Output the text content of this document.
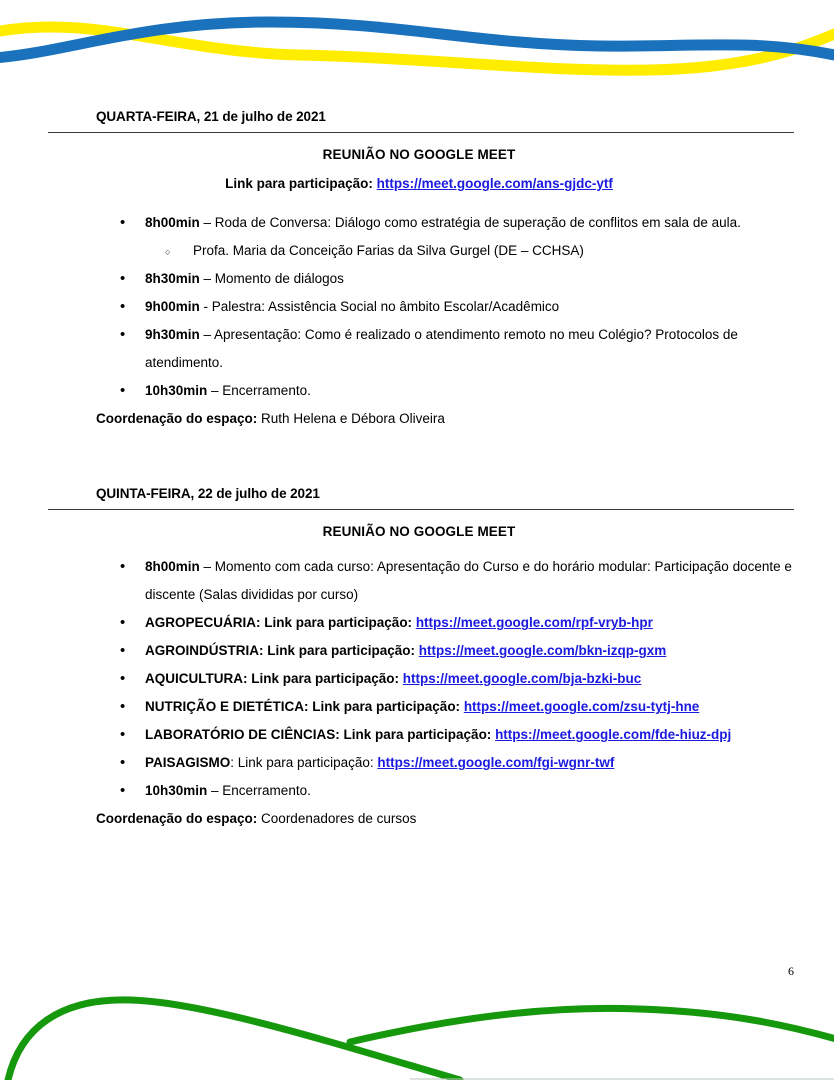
QUARTA-FEIRA, 21 de julho de 2021
REUNIÃO NO GOOGLE MEET
Link para participação: https://meet.google.com/ans-gjdc-ytf
• 8h00min – Roda de Conversa: Diálogo como estratégia de superação de conflitos em sala de aula.
○ Profa. Maria da Conceição Farias da Silva Gurgel (DE – CCHSA)
• 8h30min – Momento de diálogos
• 9h00min - Palestra: Assistência Social no âmbito Escolar/Acadêmico
• 9h30min – Apresentação: Como é realizado o atendimento remoto no meu Colégio? Protocolos de atendimento.
• 10h30min – Encerramento.

Coordenação do espaço: Ruth Helena e Débora Oliveira

QUINTA-FEIRA, 22 de julho de 2021
REUNIÃO NO GOOGLE MEET
• 8h00min – Momento com cada curso: Apresentação do Curso e do horário modular: Participação docente e discente (Salas divididas por curso)
• AGROPECUÁRIA: Link para participação: https://meet.google.com/rpf-vryb-hpr
• AGROINDÚSTRIA: Link para participação: https://meet.google.com/bkn-izqp-gxm
• AQUICULTURA: Link para participação: https://meet.google.com/bja-bzki-buc
• NUTRIÇÃO E DIETÉTICA: Link para participação: https://meet.google.com/zsu-tytj-hne
• LABORATÓRIO DE CIÊNCIAS: Link para participação: https://meet.google.com/fde-hiuz-dpj
• PAISAGISMO: Link para participação: https://meet.google.com/fgi-wgnr-twf
• 10h30min – Encerramento.

Coordenação do espaço: Coordenadores de cursos

6
